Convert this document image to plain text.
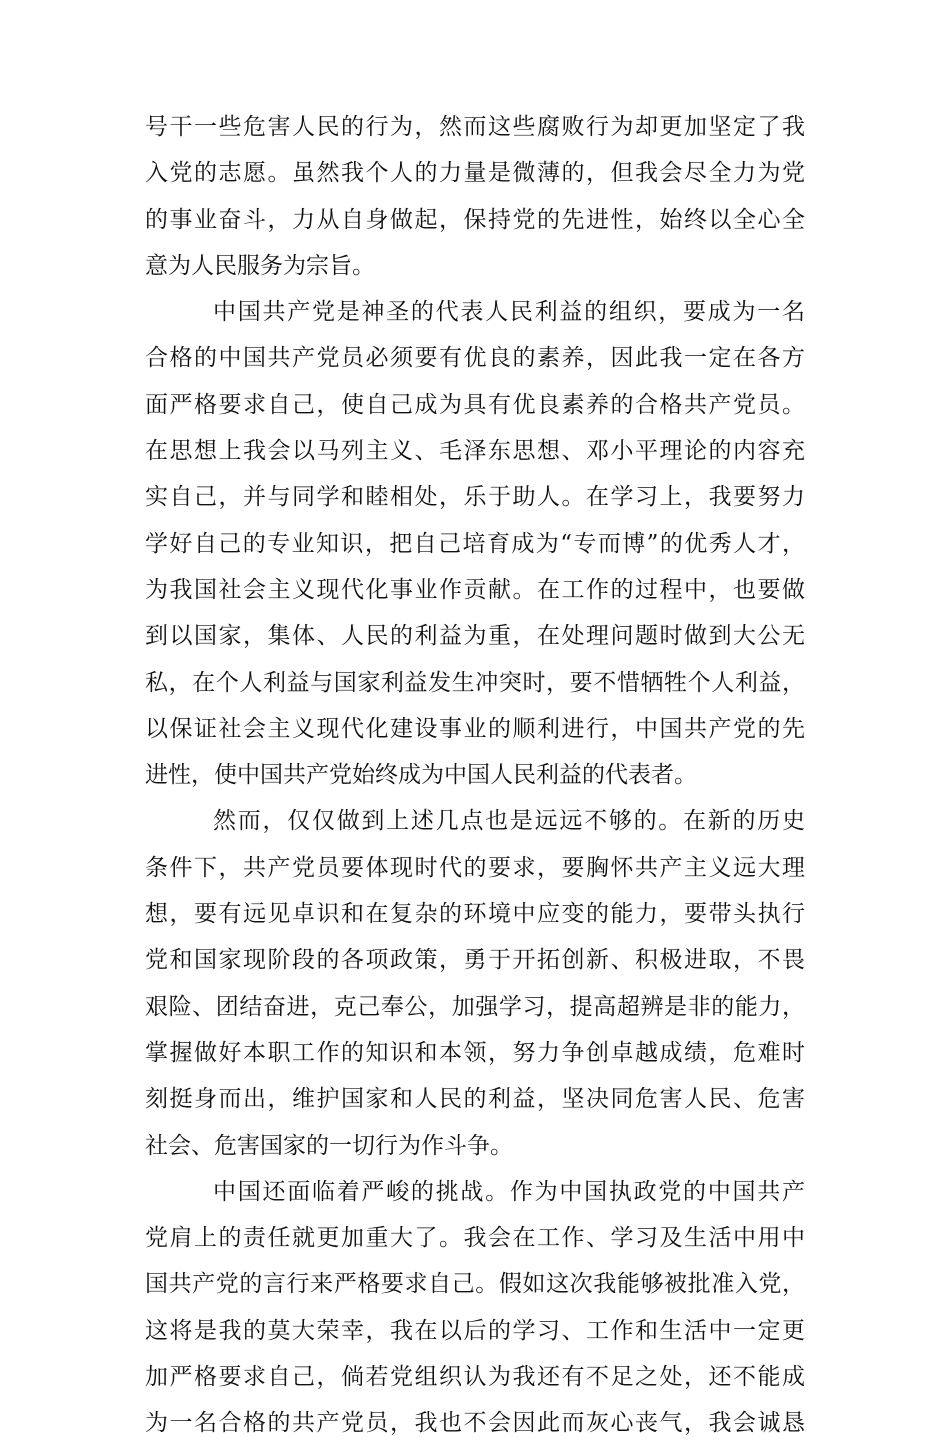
号干一些危害人民的行为，然而这些腐败行为却更加坚定了我
入党的志愿。虽然我个人的力量是微薄的，但我会尽全力为党
的事业奋斗，力从自身做起，保持党的先进性，始终以全心全
意为人民服务为宗旨。
中国共产党是神圣的代表人民利益的组织，要成为一名
合格的中国共产党员必须要有优良的素养，因此我一定在各方
面严格要求自己，使自己成为具有优良素养的合格共产党员。
在思想上我会以马列主义、毛泽东思想、邓小平理论的内容充
实自己，并与同学和睦相处，乐于助人。在学习上，我要努力
学好自己的专业知识，把自己培育成为“专而博”的优秀人才，
为我国社会主义现代化事业作贡献。在工作的过程中，也要做
到以国家，集体、人民的利益为重，在处理问题时做到大公无
私，在个人利益与国家利益发生冲突时，要不惜牺牲个人利益，
以保证社会主义现代化建设事业的顺利进行，中国共产党的先
进性，使中国共产党始终成为中国人民利益的代表者。
然而，仅仅做到上述几点也是远远不够的。在新的历史
条件下，共产党员要体现时代的要求，要胸怀共产主义远大理
想，要有远见卓识和在复杂的环境中应变的能力，要带头执行
党和国家现阶段的各项政策，勇于开拓创新、积极进取，不畏
艰险、团结奋进，克己奉公，加强学习，提高超辨是非的能力，
掌握做好本职工作的知识和本领，努力争创卓越成绩，危难时
刻挺身而出，维护国家和人民的利益，坚决同危害人民、危害
社会、危害国家的一切行为作斗争。
中国还面临着严峻的挑战。作为中国执政党的中国共产
党肩上的责任就更加重大了。我会在工作、学习及生活中用中
国共产党的言行来严格要求自己。假如这次我能够被批准入党，
这将是我的莫大荣幸，我在以后的学习、工作和生活中一定更
加严格要求自己，倘若党组织认为我还有不足之处，还不能成
为一名合格的共产党员，我也不会因此而灰心丧气，我会诚恳
